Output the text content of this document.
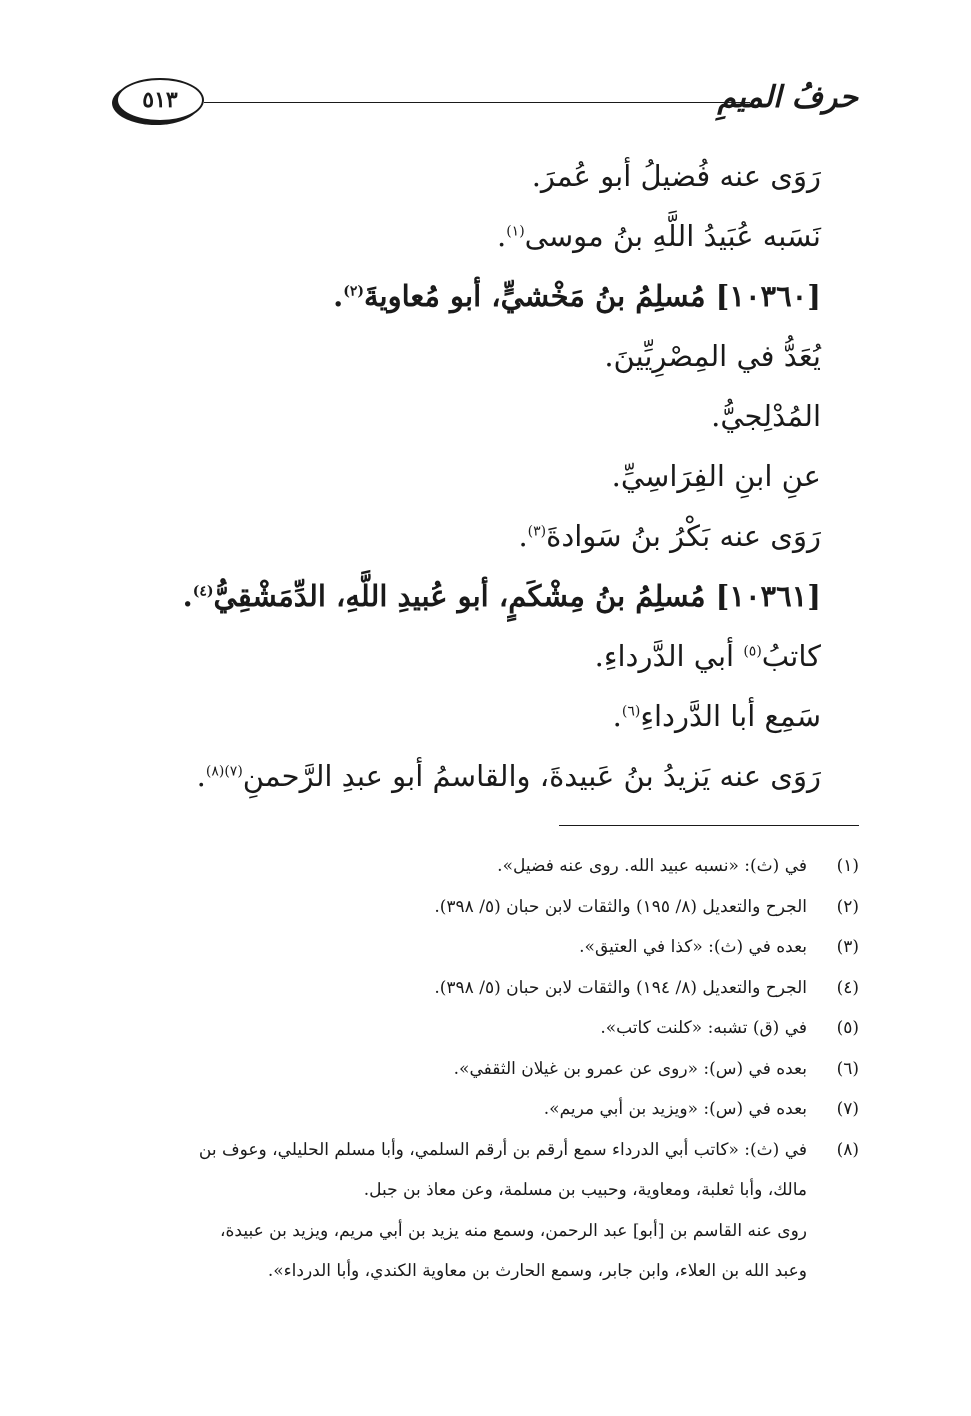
حرفُ الميمِ
٥١٣
رَوَى عنه فُضيلُ أبو عُمرَ.
نَسَبه عُبَيدُ اللَّهِ بنُ موسى$^{(١)}$.
[١٠٣٦٠] مُسلِمُ بنُ مَخْشيٍّ، أبو مُعاويةَ$^{(٢)}$.
يُعَدُّ في المِصْرِيِّينَ.
المُدْلِجيُّ.
عنِ ابنِ الفِرَاسِيِّ.
رَوَى عنه بَكْرُ بنُ سَوادةَ$^{(٣)}$.
[١٠٣٦١] مُسلِمُ بنُ مِشْكَمٍ، أبو عُبيدِ اللَّهِ، الدِّمَشْقِيُّ$^{(٤)}$.
كاتبُ$^{(٥)}$ أبي الدَّرداءِ.
سَمِع أبا الدَّرداءِ$^{(٦)}$.
رَوَى عنه يَزيدُ بنُ عَبيدةَ، والقاسمُ أبو عبدِ الرَّحمنِ$^{(٧)(٨)}$.
(١)
في (ث): «نسبه عبيد الله. روى عنه فضيل».
(٢)
الجرح والتعديل (٨/ ١٩٥) والثقات لابن حبان (٥/ ٣٩٨).
(٣)
بعده في (ث): «كذا في العتيق».
(٤)
الجرح والتعديل (٨/ ١٩٤) والثقات لابن حبان (٥/ ٣٩٨).
(٥)
في (ق) تشبه: «كلنت كاتب».
(٦)
بعده في (س): «روى عن عمرو بن غيلان الثقفي».
(٧)
بعده في (س): «ويزيد بن أبي مريم».
(٨)
في (ث): «كاتب أبي الدرداء سمع أرقم بن أرقم السلمي، وأبا مسلم الحليلي، وعوف بن
مالك، وأبا ثعلبة، ومعاوية، وحبيب بن مسلمة، وعن معاذ بن جبل.
روى عنه القاسم بن [أبو] عبد الرحمن، وسمع منه يزيد بن أبي مريم، ويزيد بن عبيدة،
وعبد الله بن العلاء، وابن جابر، وسمع الحارث بن معاوية الكندي، وأبا الدرداء».
